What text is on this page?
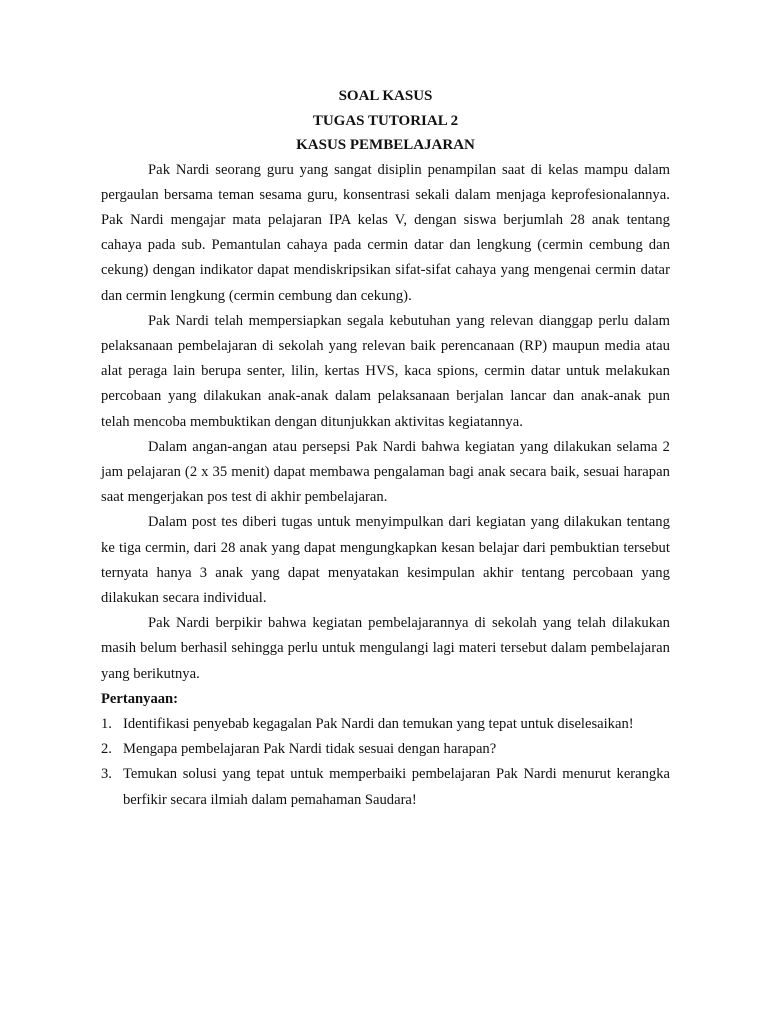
SOAL KASUS

TUGAS TUTORIAL 2

KASUS PEMBELAJARAN

Pak Nardi seorang guru yang sangat disiplin penampilan saat di kelas mampu dalam pergaulan bersama teman sesama guru, konsentrasi sekali dalam menjaga keprofesionalannya. Pak Nardi mengajar mata pelajaran IPA kelas V, dengan siswa berjumlah 28 anak tentang cahaya pada sub. Pemantulan cahaya pada cermin datar dan lengkung (cermin cembung dan cekung) dengan indikator dapat mendiskripsikan sifat-sifat cahaya yang mengenai cermin datar dan cermin lengkung (cermin cembung dan cekung).

Pak Nardi telah mempersiapkan segala kebutuhan yang relevan dianggap perlu dalam pelaksanaan pembelajaran di sekolah yang relevan baik perencanaan (RP) maupun media atau alat peraga lain berupa senter, lilin, kertas HVS, kaca spions, cermin datar untuk melakukan percobaan yang dilakukan anak-anak dalam pelaksanaan berjalan lancar dan anak-anak pun telah mencoba membuktikan dengan ditunjukkan aktivitas kegiatannya.

Dalam angan-angan atau persepsi Pak Nardi bahwa kegiatan yang dilakukan selama 2 jam pelajaran (2 x 35 menit) dapat membawa pengalaman bagi anak secara baik, sesuai harapan saat mengerjakan pos test di akhir pembelajaran.

Dalam post tes diberi tugas untuk menyimpulkan dari kegiatan yang dilakukan tentang ke tiga cermin, dari 28 anak yang dapat mengungkapkan kesan belajar dari pembuktian tersebut ternyata hanya 3 anak yang dapat menyatakan kesimpulan akhir tentang percobaan yang dilakukan secara individual.

Pak Nardi berpikir bahwa kegiatan pembelajarannya di sekolah yang telah dilakukan masih belum berhasil sehingga perlu untuk mengulangi lagi materi tersebut dalam pembelajaran yang berikutnya.

Pertanyaan:

1. Identifikasi penyebab kegagalan Pak Nardi dan temukan yang tepat untuk diselesaikan!
2. Mengapa pembelajaran Pak Nardi tidak sesuai dengan harapan?
3. Temukan solusi yang tepat untuk memperbaiki pembelajaran Pak Nardi menurut kerangka berfikir secara ilmiah dalam pemahaman Saudara!
